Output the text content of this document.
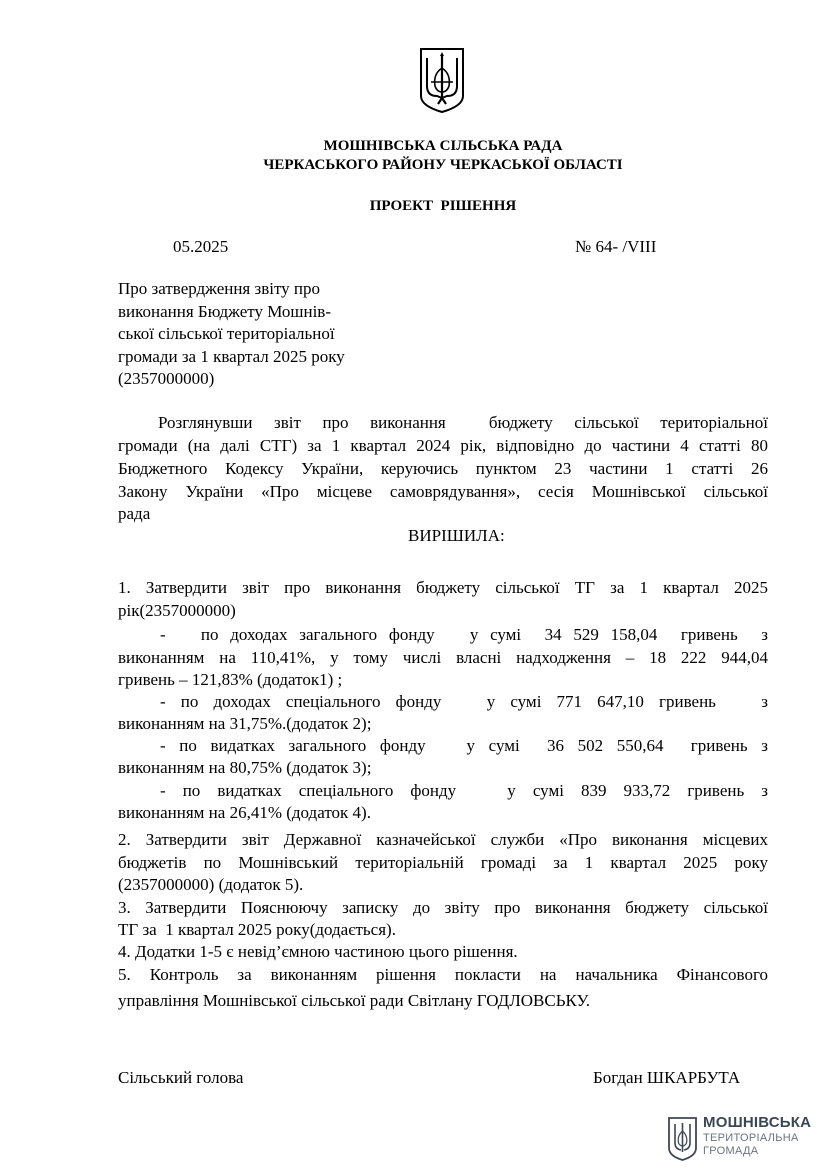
МОШНІВСЬКА СІЛЬСЬКА РАДА
ЧЕРКАСЬКОГО РАЙОНУ ЧЕРКАСЬКОЇ ОБЛАСТІ
ПРОЕКТ  РІШЕННЯ
05.2025	№ 64- /VIII
Про затвердження звіту про
виконання Бюджету Мошнів-
ської сільської територіальної
громади за 1 квартал 2025 року
(2357000000)
Розглянувши звіт про виконання  бюджету сільської територіальної
громади (на далі СТГ) за 1 квартал 2024 рік, відповідно до частини 4 статті 80
Бюджетного Кодексу України, керуючись пунктом 23 частини 1 статті 26
Закону України «Про місцеве самоврядування», сесія Мошнівської сільської
рада
ВИРІШИЛА:
1. Затвердити звіт про виконання бюджету сільської ТГ за 1 квартал 2025
рік(2357000000)
-   по доходах загального фонду   у сумі  34 529 158,04  гривень  з
виконанням на 110,41%, у тому числі власні надходження – 18 222 944,04
гривень – 121,83% (додаток1) ;
- по доходах спеціального фонду   у сумі 771 647,10 гривень   з
виконанням на 31,75%.(додаток 2);
- по видатках загального фонду   у сумі  36 502 550,64  гривень з
виконанням на 80,75% (додаток 3);
- по видатках спеціального фонду   у сумі 839 933,72 гривень з
виконанням на 26,41% (додаток 4).
2. Затвердити звіт Державної казначейської служби «Про виконання місцевих
бюджетів по Мошнівський територіальній громаді за 1 квартал 2025 року
(2357000000) (додаток 5).
3. Затвердити Пояснюючу записку до звіту про виконання бюджету сільської
ТГ за  1 квартал 2025 року(додається).
4. Додатки 1-5 є невід’ємною частиною цього рішення.
5. Контроль за виконанням рішення покласти на начальника Фінансового
управління Мошнівської сільської ради Світлану ГОДЛОВСЬКУ.
Сільський голова	Богдан ШКАРБУТА
МОШНІВСЬКА
ТЕРИТОРІАЛЬНА
ГРОМАДА
